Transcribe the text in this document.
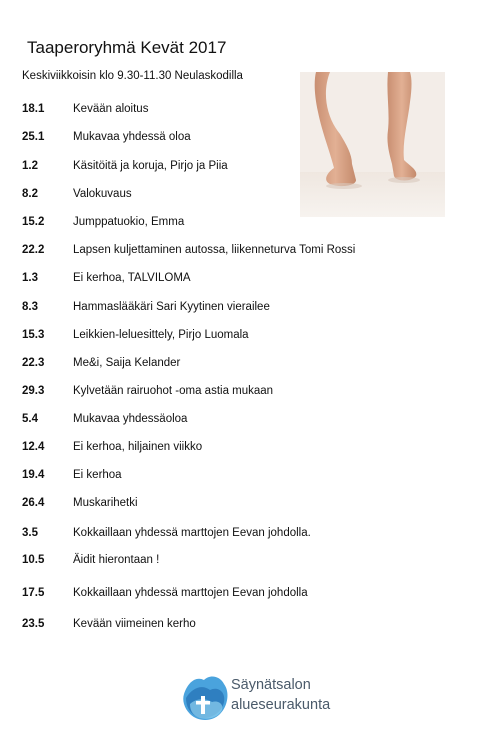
Taaperoryhmä Kevät 2017
Keskiviikkoisin klo 9.30-11.30 Neulaskodilla
18.1	Kevään aloitus
25.1	Mukavaa yhdessä oloa
1.2	Käsitöitä ja koruja, Pirjo ja Piia
8.2	Valokuvaus
15.2	Jumppatuokio, Emma
22.2	Lapsen kuljettaminen autossa, liikenneturva Tomi Rossi
1.3	Ei kerhoa, TALVILOMA
8.3	Hammaslääkäri Sari Kyytinen vierailee
15.3	Leikkien-leluesittely, Pirjo Luomala
22.3	Me&i, Saija Kelander
29.3	Kylvetään rairuohot -oma astia mukaan
5.4	Mukavaa yhdessäoloa
12.4	Ei kerhoa, hiljainen viikko
19.4	Ei kerhoa
26.4	Muskarihetki
3.5	Kokkaillaan yhdessä marttojen Eevan johdolla.
10.5	Äidit hierontaan !
17.5	Kokkaillaan yhdessä marttojen Eevan johdolla
23.5	Kevään viimeinen kerho
Säynätsalon
alueseurakunta
